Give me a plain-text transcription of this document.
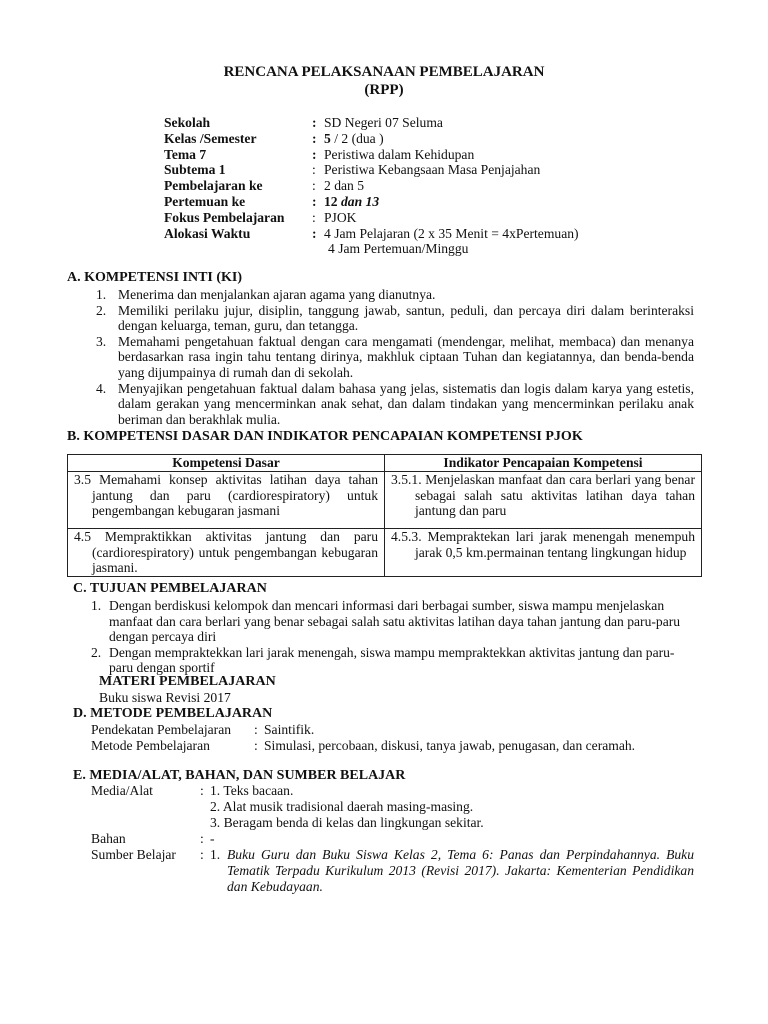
RENCANA PELAKSANAAN PEMBELAJARAN
(RPP)
Sekolah	: SD Negeri 07 Seluma
Kelas /Semester	: 5 / 2 (dua )
Tema 7	: Peristiwa dalam Kehidupan
Subtema 1	: Peristiwa Kebangsaan Masa Penjajahan
Pembelajaran ke	: 2 dan 5
Pertemuan ke	: 12 dan 13
Fokus Pembelajaran : PJOK
Alokasi Waktu	: 4 Jam Pelajaran (2 x 35 Menit = 4xPertemuan)
4 Jam Pertemuan/Minggu
A. KOMPETENSI INTI (KI)
1. Menerima dan menjalankan ajaran agama yang dianutnya.
2. Memiliki perilaku jujur, disiplin, tanggung jawab, santun, peduli, dan percaya diri dalam berinteraksi dengan keluarga, teman, guru, dan tetangga.
3. Memahami pengetahuan faktual dengan cara mengamati (mendengar, melihat, membaca) dan menanya berdasarkan rasa ingin tahu tentang dirinya, makhluk ciptaan Tuhan dan kegiatannya, dan benda-benda yang dijumpainya di rumah dan di sekolah.
4. Menyajikan pengetahuan faktual dalam bahasa yang jelas, sistematis dan logis dalam karya yang estetis, dalam gerakan yang mencerminkan anak sehat, dan dalam tindakan yang mencerminkan perilaku anak beriman dan berakhlak mulia.
B. KOMPETENSI DASAR DAN INDIKATOR PENCAPAIAN KOMPETENSI PJOK
Kompetensi Dasar	Indikator Pencapaian Kompetensi

3.5 Memahami konsep aktivitas latihan daya tahan jantung dan paru (cardiorespiratory) untuk pengembangan kebugaran jasmani	3.5.1. Menjelaskan manfaat dan cara berlari yang benar sebagai salah satu aktivitas latihan daya tahan jantung dan paru

4.5 Mempraktikkan aktivitas jantung dan paru (cardiorespiratory) untuk pengembangan kebugaran jasmani.	4.5.3. Mempraktekan lari jarak menengah menempuh jarak 0,5 km.permainan tentang lingkungan hidup
C. TUJUAN PEMBELAJARAN
1. Dengan berdiskusi kelompok dan mencari informasi dari berbagai sumber, siswa mampu menjelaskan manfaat dan cara berlari yang benar sebagai salah satu aktivitas latihan daya tahan jantung dan paru-paru dengan percaya diri
2. Dengan mempraktekkan lari jarak menengah, siswa mampu mempraktekkan aktivitas jantung dan paru-paru dengan sportif
MATERI PEMBELAJARAN
Buku siswa Revisi 2017
D. METODE PEMBELAJARAN
Pendekatan Pembelajaran : Saintifik.
Metode Pembelajaran	: Simulasi, percobaan, diskusi, tanya jawab, penugasan, dan ceramah.
E. MEDIA/ALAT, BAHAN, DAN SUMBER BELAJAR
Media/Alat	: 1. Teks bacaan.
2. Alat musik tradisional daerah masing-masing.
3. Beragam benda di kelas dan lingkungan sekitar.
Bahan	: -
Sumber Belajar : 1. Buku Guru dan Buku Siswa Kelas 2, Tema 6: Panas dan Perpindahannya. Buku Tematik Terpadu Kurikulum 2013 (Revisi 2017). Jakarta: Kementerian Pendidikan dan Kebudayaan.
